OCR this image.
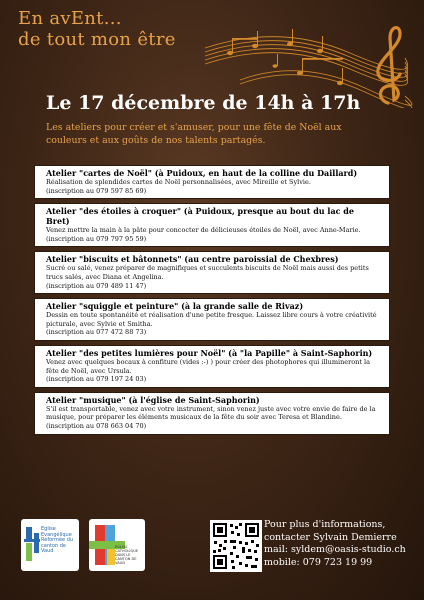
En avEnt...
de tout mon être
Le 17 décembre de 14h à 17h
Les ateliers pour créer et s'amuser, pour une fête de Noël aux couleurs et aux goûts de nos talents partagés.
Atelier "cartes de Noël" (à Puidoux, en haut de la colline du Daillard)
Réalisation de splendides cartes de Noël personnalisées, avec Mireille et Sylvie.
(inscription au 079 597 85 69)
Atelier "des étoiles à croquer" (à Puidoux, presque au bout du lac de Bret)
Venez mettre la main à la pâte pour concocter de délicieuses étoiles de Noël, avec Anne-Marie.
(inscription au 079 797 95 59)
Atelier "biscuits et bâtonnets" (au centre paroissial de Chexbres)
Sucré ou salé, venez préparer de magnifiques et succulents biscuits de Noël mais aussi des petits trucs salés, avec Diana et Angelina.
(inscription au 079 489 11 47)
Atelier "squiggle et peinture" (à la grande salle de Rivaz)
Dessin en toute spontanéité et réalisation d'une petite fresque. Laissez libre cours à votre créativité picturale, avec Sylvie et Smitha.
(inscription au 077 472 88 73)
Atelier "des petites lumières pour Noël" (à "la Papille" à Saint-Saphorin)
Venez avec quelques bocaux à confiture (vides :-) ) pour créer des photophores qui illumineront la fête de Noël, avec Ursula.
(inscription au 079 197 24 03)
Atelier "musique" (à l'église de Saint-Saphorin)
S'il est transportable, venez avec votre instrument, sinon venez juste avec votre envie de faire de la musique, pour préparer les éléments musicaux de la fête du soir avec Teresa et Blandine.
(inscription au 078 663 04 70)
Eglise Evangélique Réformée du canton de Vaud
EGLISE CATHOLIQUE DANS LE CANTON DE VAUD
Pour plus d'informations,
contacter Sylvain Demierre
mail: syldem@oasis-studio.ch
mobile: 079 723 19 99
